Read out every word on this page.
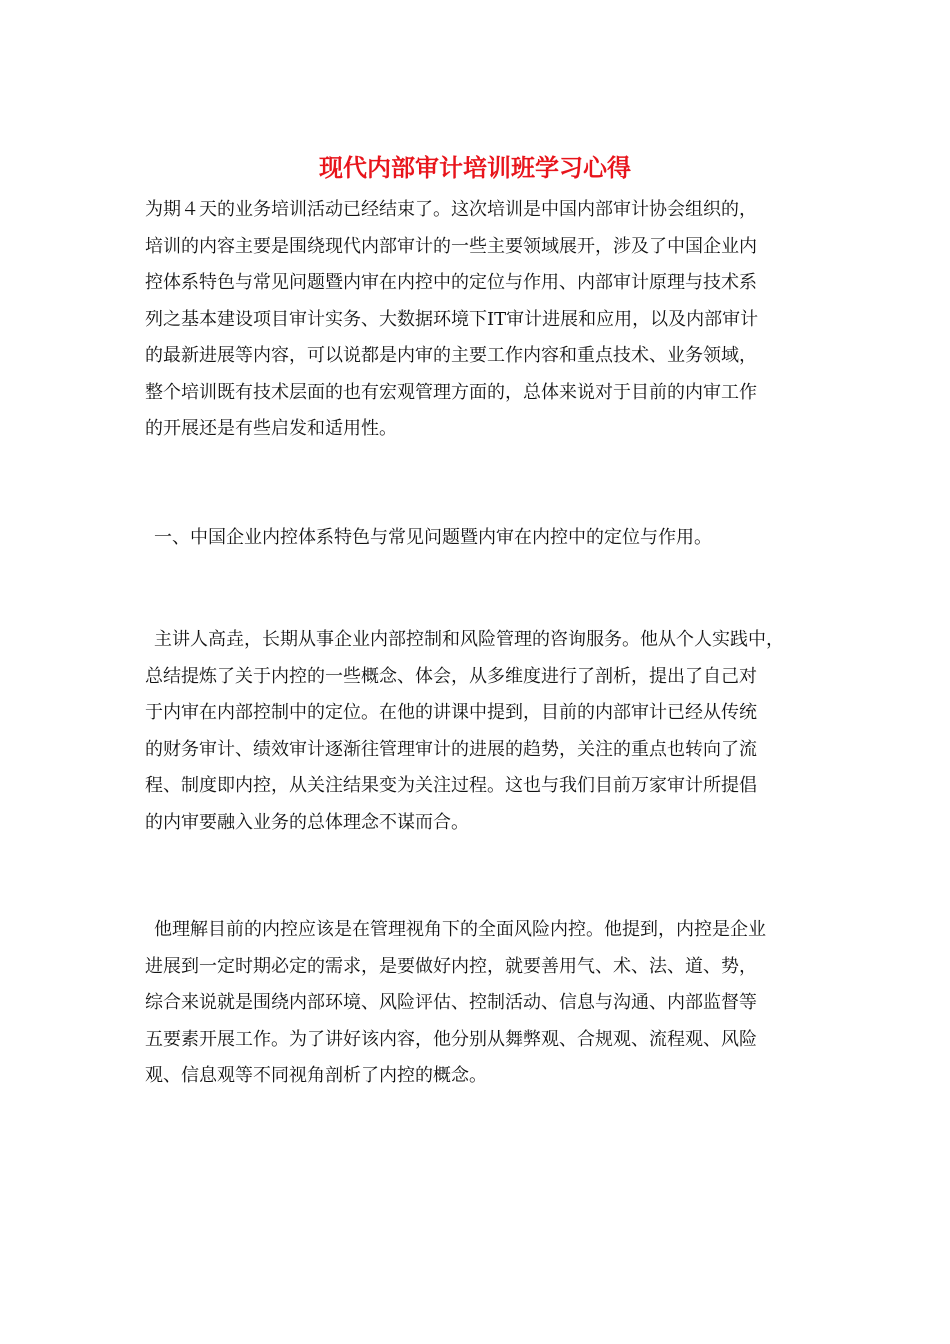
现代内部审计培训班学习心得
为期４天的业务培训活动已经结束了。这次培训是中国内部审计协会组织的，
培训的内容主要是围绕现代内部审计的一些主要领域展开，涉及了中国企业内
控体系特色与常见问题暨内审在内控中的定位与作用、内部审计原理与技术系
列之基本建设项目审计实务、大数据环境下IT审计进展和应用，以及内部审计
的最新进展等内容，可以说都是内审的主要工作内容和重点技术、业务领域，
整个培训既有技术层面的也有宏观管理方面的，总体来说对于目前的内审工作
的开展还是有些启发和适用性。
一、中国企业内控体系特色与常见问题暨内审在内控中的定位与作用。
主讲人高垚，长期从事企业内部控制和风险管理的咨询服务。他从个人实践中，
总结提炼了关于内控的一些概念、体会，从多维度进行了剖析，提出了自己对
于内审在内部控制中的定位。在他的讲课中提到，目前的内部审计已经从传统
的财务审计、绩效审计逐渐往管理审计的进展的趋势，关注的重点也转向了流
程、制度即内控，从关注结果变为关注过程。这也与我们目前万家审计所提倡
的内审要融入业务的总体理念不谋而合。
他理解目前的内控应该是在管理视角下的全面风险内控。他提到，内控是企业
进展到一定时期必定的需求，是要做好内控，就要善用气、术、法、道、势，
综合来说就是围绕内部环境、风险评估、控制活动、信息与沟通、内部监督等
五要素开展工作。为了讲好该内容，他分别从舞弊观、合规观、流程观、风险
观、信息观等不同视角剖析了内控的概念。
